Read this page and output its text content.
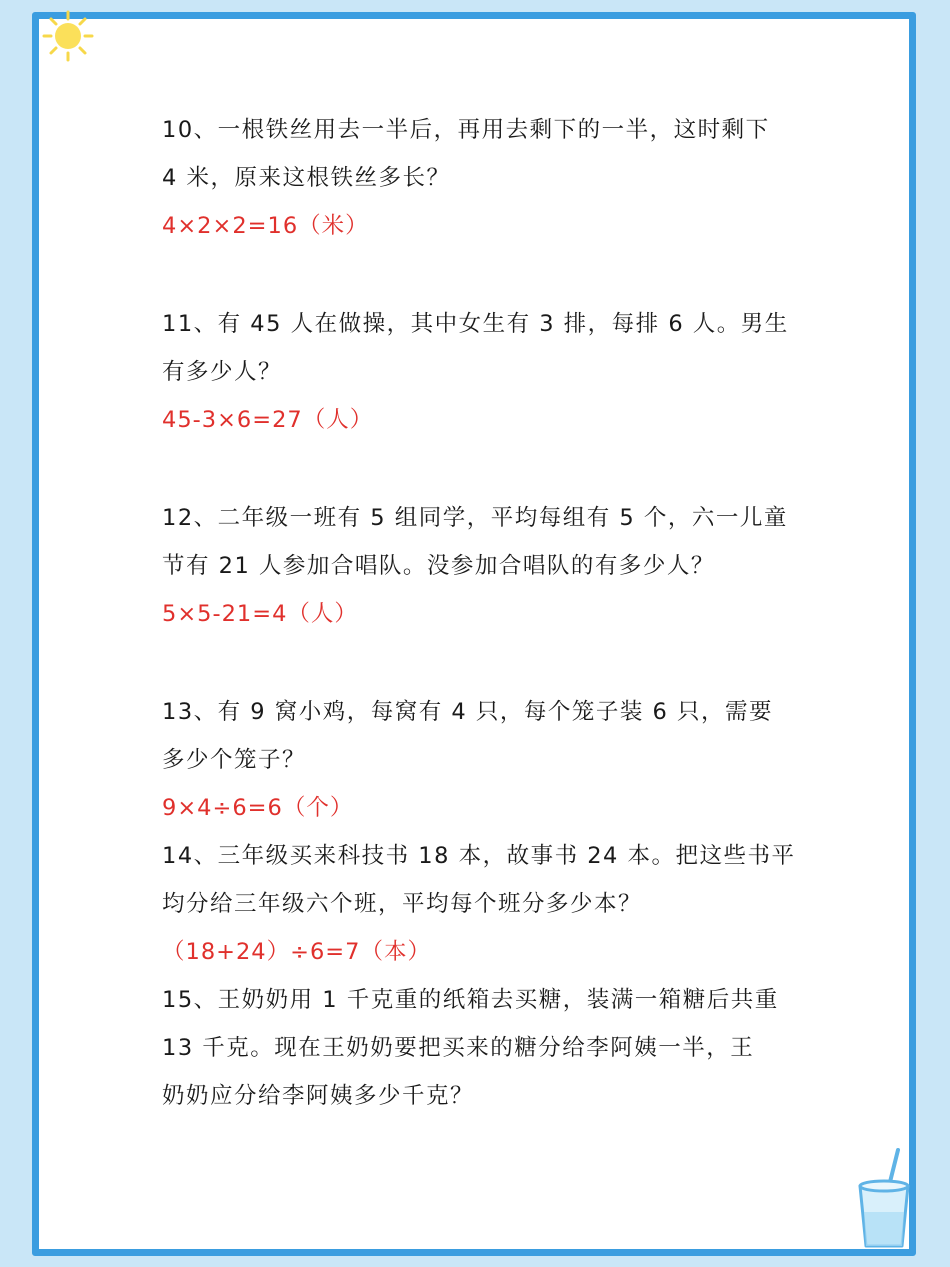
10、一根铁丝用去一半后，再用去剩下的一半，这时剩下

4 米，原来这根铁丝多长？

4×2×2=16（米）

11、有 45 人在做操，其中女生有 3 排，每排 6 人。男生

有多少人？

45-3×6=27（人）

12、二年级一班有 5 组同学，平均每组有 5 个，六一儿童

节有 21 人参加合唱队。没参加合唱队的有多少人？

5×5-21=4（人）

13、有 9 窝小鸡，每窝有 4 只，每个笼子装 6 只，需要

多少个笼子？

9×4÷6=6（个）

14、三年级买来科技书 18 本，故事书 24 本。把这些书平

均分给三年级六个班，平均每个班分多少本？

（18+24）÷6=7（本）

15、王奶奶用 1 千克重的纸箱去买糖，装满一箱糖后共重

13 千克。现在王奶奶要把买来的糖分给李阿姨一半，王

奶奶应分给李阿姨多少千克？
